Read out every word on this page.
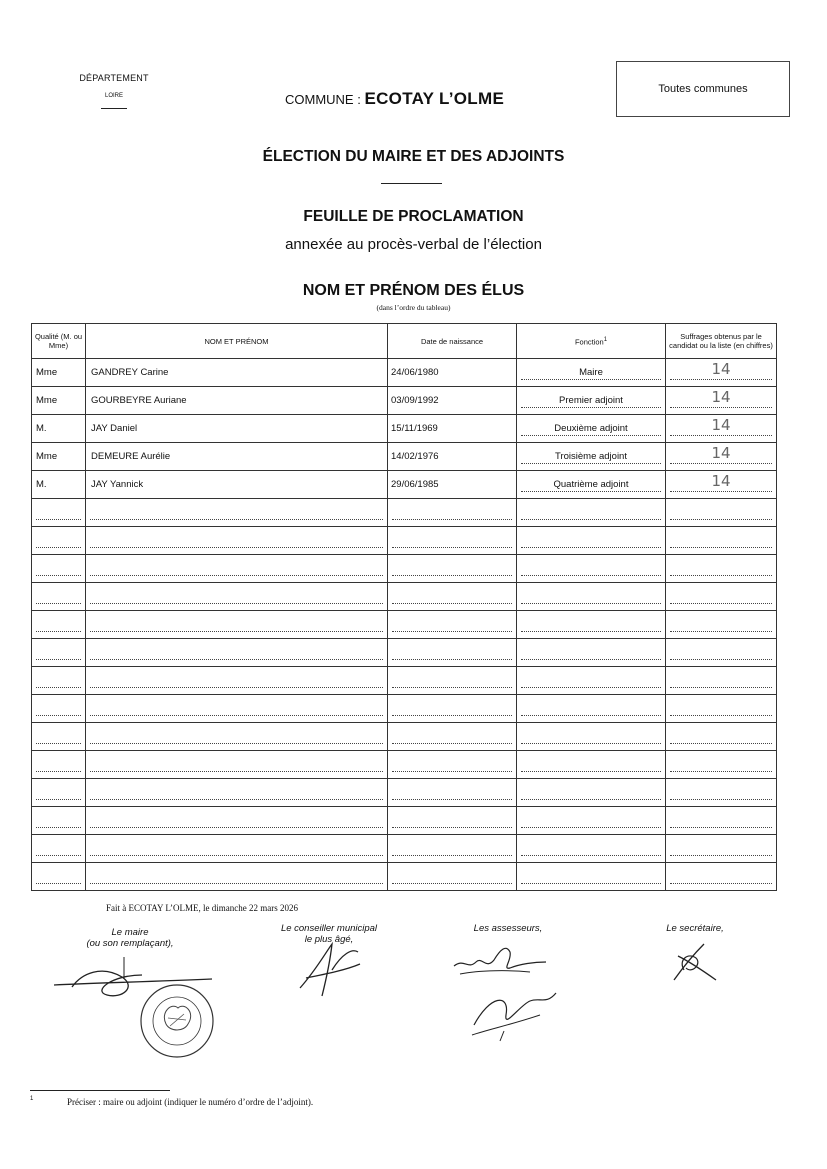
DÉPARTEMENT
LOIRE	COMMUNE : ECOTAY L’OLME	Toutes communes
ÉLECTION DU MAIRE ET DES ADJOINTS
FEUILLE DE PROCLAMATION
annexée au procès-verbal de l’élection
NOM ET PRÉNOM DES ÉLUS
(dans l’ordre du tableau)
Qualité (M. ou Mme)	NOM ET PRÉNOM	Date de naissance	Fonction$^1$	Suffrages obtenus par le candidat ou la liste (en chiffres)
Mme	GANDREY Carine	24/06/1980	Maire	14

Mme	GOURBEYRE Auriane	03/09/1992	Premier adjoint	14

M.	JAY Daniel	15/11/1969	Deuxième adjoint	14

Mme	DEMEURE Aurélie	14/02/1976	Troisième adjoint	14

M.	JAY Yannick	29/06/1985	Quatrième adjoint	14

Fait à ECOTAY L’OLME, le dimanche 22 mars 2026
Le maire
(ou son remplaçant),
Le conseiller municipal
le plus âgé,
Les assesseurs,	Le secrétaire,
1	Préciser : maire ou adjoint (indiquer le numéro d’ordre de l’adjoint).
